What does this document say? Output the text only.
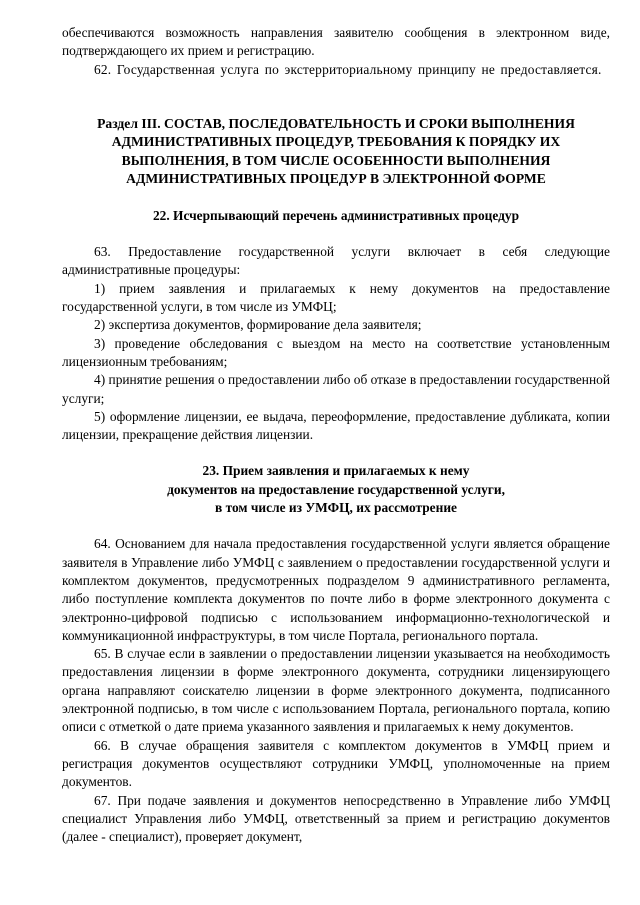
обеспечиваются возможность направления заявителю сообщения в электронном виде, подтверждающего их прием и регистрацию.

62. Государственная услуга по экстерриториальному принципу не предоставляется.

Раздел III. СОСТАВ, ПОСЛЕДОВАТЕЛЬНОСТЬ И СРОКИ ВЫПОЛНЕНИЯ

АДМИНИСТРАТИВНЫХ ПРОЦЕДУР, ТРЕБОВАНИЯ К ПОРЯДКУ ИХ

ВЫПОЛНЕНИЯ, В ТОМ ЧИСЛЕ ОСОБЕННОСТИ ВЫПОЛНЕНИЯ

АДМИНИСТРАТИВНЫХ ПРОЦЕДУР В ЭЛЕКТРОННОЙ ФОРМЕ

22. Исчерпывающий перечень административных процедур

63. Предоставление государственной услуги включает в себя следующие административные процедуры:

1) прием заявления и прилагаемых к нему документов на предоставление государственной услуги, в том числе из УМФЦ;

2) экспертиза документов, формирование дела заявителя;

3) проведение обследования с выездом на место на соответствие установленным лицензионным требованиям;

4) принятие решения о предоставлении либо об отказе в предоставлении государственной услуги;

5) оформление лицензии, ее выдача, переоформление, предоставление дубликата, копии лицензии, прекращение действия лицензии.

23. Прием заявления и прилагаемых к нему

документов на предоставление государственной услуги,

в том числе из УМФЦ, их рассмотрение

64. Основанием для начала предоставления государственной услуги является обращение заявителя в Управление либо УМФЦ с заявлением о предоставлении государственной услуги и комплектом документов, предусмотренных подразделом 9 административного регламента, либо поступление комплекта документов по почте либо в форме электронного документа с электронно-цифровой подписью с использованием информационно-технологической и коммуникационной инфраструктуры, в том числе Портала, регионального портала.

65. В случае если в заявлении о предоставлении лицензии указывается на необходимость предоставления лицензии в форме электронного документа, сотрудники лицензирующего органа направляют соискателю лицензии в форме электронного документа, подписанного электронной подписью, в том числе с использованием Портала, регионального портала, копию описи с отметкой о дате приема указанного заявления и прилагаемых к нему документов.

66. В случае обращения заявителя с комплектом документов в УМФЦ прием и регистрация документов осуществляют сотрудники УМФЦ, уполномоченные на прием документов.

67. При подаче заявления и документов непосредственно в Управление либо УМФЦ специалист Управления либо УМФЦ, ответственный за прием и регистрацию документов (далее - специалист), проверяет документ,
